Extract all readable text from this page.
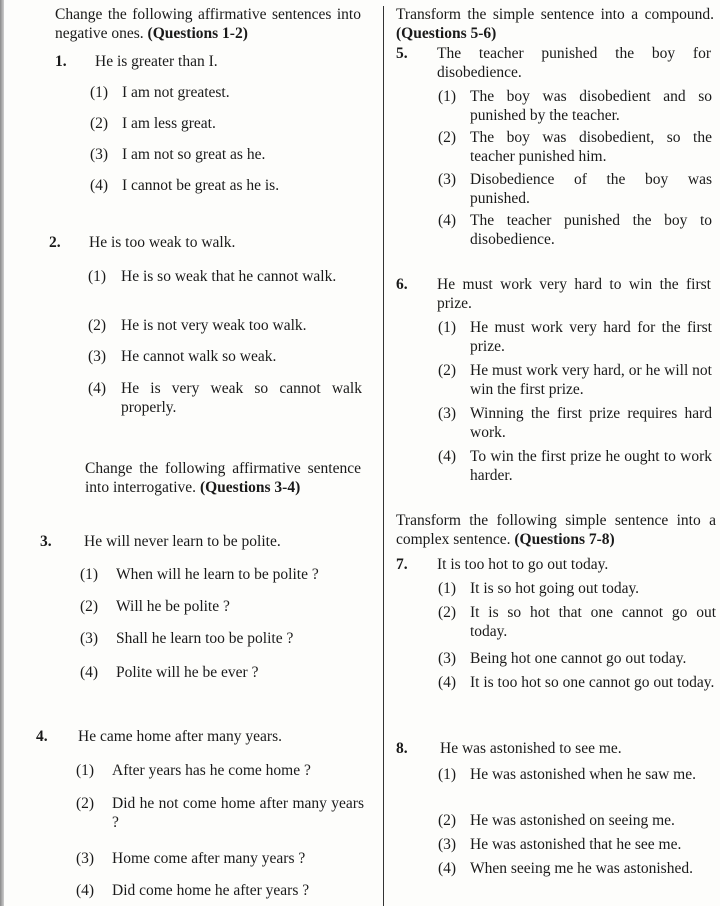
Change the following affirmative sentences into negative ones. (Questions 1-2)
1. He is greater than I.
(1) I am not greatest.
(2) I am less great.
(3) I am not so great as he.
(4) I cannot be great as he is.
2. He is too weak to walk.
(1) He is so weak that he cannot walk.
(2) He is not very weak too walk.
(3) He cannot walk so weak.
(4) He is very weak so cannot walk properly.
Change the following affirmative sentence into interrogative. (Questions 3-4)
3. He will never learn to be polite.
(1) When will he learn to be polite ?
(2) Will he be polite ?
(3) Shall he learn too be polite ?
(4) Polite will he be ever ?
4. He came home after many years.
(1) After years has he come home ?
(2) Did he not come home after many years ?
(3) Home come after many years ?
(4) Did come home he after years ?
Transform the simple sentence into a compound. (Questions 5-6)
5. The teacher punished the boy for disobedience.
(1) The boy was disobedient and so punished by the teacher.
(2) The boy was disobedient, so the teacher punished him.
(3) Disobedience of the boy was punished.
(4) The teacher punished the boy to disobedience.
6. He must work very hard to win the first prize.
(1) He must work very hard for the first prize.
(2) He must work very hard, or he will not win the first prize.
(3) Winning the first prize requires hard work.
(4) To win the first prize he ought to work harder.
Transform the following simple sentence into a complex sentence. (Questions 7-8)
7. It is too hot to go out today.
(1) It is so hot going out today.
(2) It is so hot that one cannot go out today.
(3) Being hot one cannot go out today.
(4) It is too hot so one cannot go out today.
8. He was astonished to see me.
(1) He was astonished when he saw me.
(2) He was astonished on seeing me.
(3) He was astonished that he see me.
(4) When seeing me he was astonished.
